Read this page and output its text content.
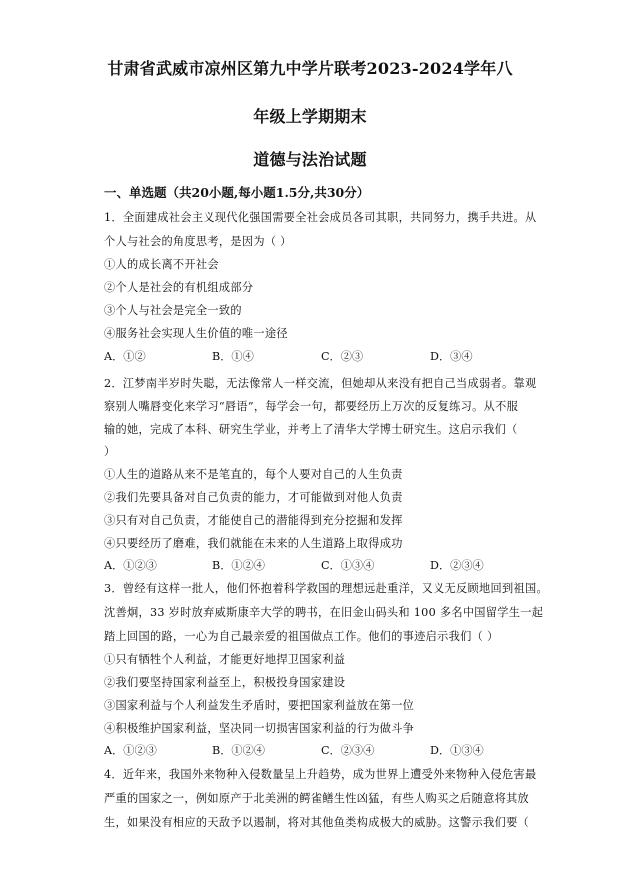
甘肃省武威市凉州区第九中学片联考2023-2024学年八
年级上学期期末
道德与法治试题
一、单选题（共20小题,每小题1.5分,共30分）
1．全面建成社会主义现代化强国需要全社会成员各司其职，共同努力，携手共进。从
个人与社会的角度思考，是因为（ ）
①人的成长离不开社会
②个人是社会的有机组成部分
③个人与社会是完全一致的
④服务社会实现人生价值的唯一途径
A．①②	B．①④	C．②③	D．③④
2．江梦南半岁时失聪，无法像常人一样交流，但她却从来没有把自己当成弱者。靠观
察别人嘴唇变化来学习“唇语”，每学会一句，都要经历上万次的反复练习。从不服
输的她，完成了本科、研究生学业，并考上了清华大学博士研究生。这启示我们（
）
①人生的道路从来不是笔直的，每个人要对自己的人生负责
②我们先要具备对自己负责的能力，才可能做到对他人负责
③只有对自己负责，才能使自己的潜能得到充分挖掘和发挥
④只要经历了磨难，我们就能在未来的人生道路上取得成功
A．①②③	B．①②④	C．①③④	D．②③④
3．曾经有这样一批人，他们怀抱着科学救国的理想远赴重洋，又义无反顾地回到祖国。
沈善炯，33 岁时放弃威斯康辛大学的聘书，在旧金山码头和 100 多名中国留学生一起
踏上回国的路，一心为自己最亲爱的祖国做点工作。他们的事迹启示我们（ ）
①只有牺牲个人利益，才能更好地捍卫国家利益
②我们要坚持国家利益至上，积极投身国家建设
③国家利益与个人利益发生矛盾时，要把国家利益放在第一位
④积极维护国家利益，坚决同一切损害国家利益的行为做斗争
A．①②③	B．①②④	C．②③④	D．①③④
4．近年来，我国外来物种入侵数量呈上升趋势，成为世界上遭受外来物种入侵危害最
严重的国家之一，例如原产于北美洲的鳄雀鳝生性凶猛，有些人购买之后随意将其放
生，如果没有相应的天敌予以遏制，将对其他鱼类构成极大的威胁。这警示我们要（
